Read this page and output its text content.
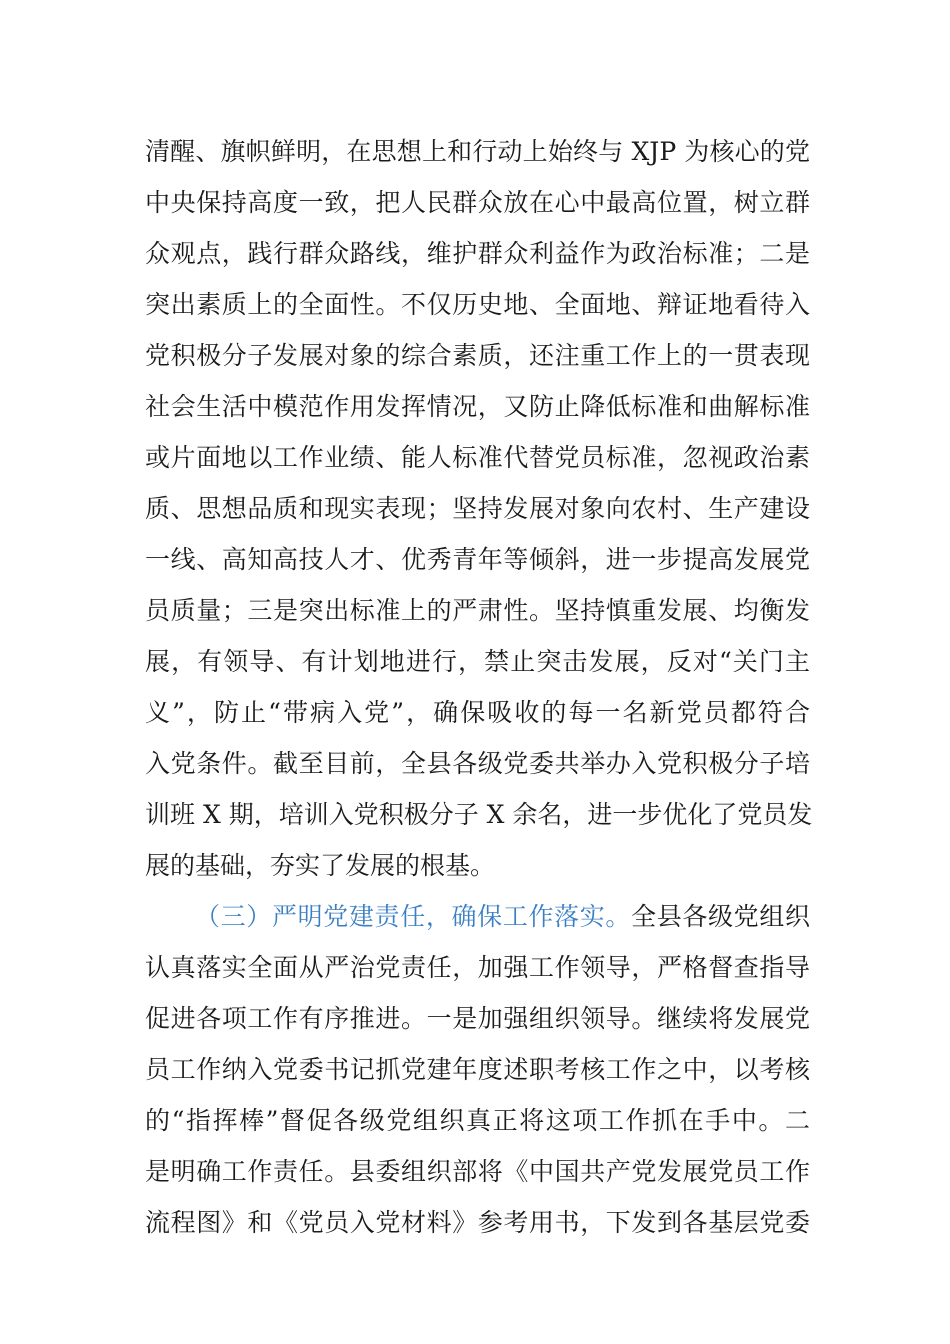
清醒、旗帜鲜明，在思想上和行动上始终与 XJP 为核心的党
中央保持高度一致，把人民群众放在心中最高位置，树立群
众观点，践行群众路线，维护群众利益作为政治标准；二是
突出素质上的全面性。不仅历史地、全面地、辩证地看待入
党积极分子发展对象的综合素质，还注重工作上的一贯表现
社会生活中模范作用发挥情况，又防止降低标准和曲解标准
或片面地以工作业绩、能人标准代替党员标准，忽视政治素
质、思想品质和现实表现；坚持发展对象向农村、生产建设
一线、高知高技人才、优秀青年等倾斜，进一步提高发展党
员质量；三是突出标准上的严肃性。坚持慎重发展、均衡发
展，有领导、有计划地进行，禁止突击发展，反对“关门主
义”，防止“带病入党”，确保吸收的每一名新党员都符合
入党条件。截至目前，全县各级党委共举办入党积极分子培
训班 X 期，培训入党积极分子 X 余名，进一步优化了党员发
展的基础，夯实了发展的根基。
（三）严明党建责任，确保工作落实。全县各级党组织
认真落实全面从严治党责任，加强工作领导，严格督查指导
促进各项工作有序推进。一是加强组织领导。继续将发展党
员工作纳入党委书记抓党建年度述职考核工作之中，以考核
的“指挥棒”督促各级党组织真正将这项工作抓在手中。二
是明确工作责任。县委组织部将《中国共产党发展党员工作
流程图》和《党员入党材料》参考用书，下发到各基层党委
